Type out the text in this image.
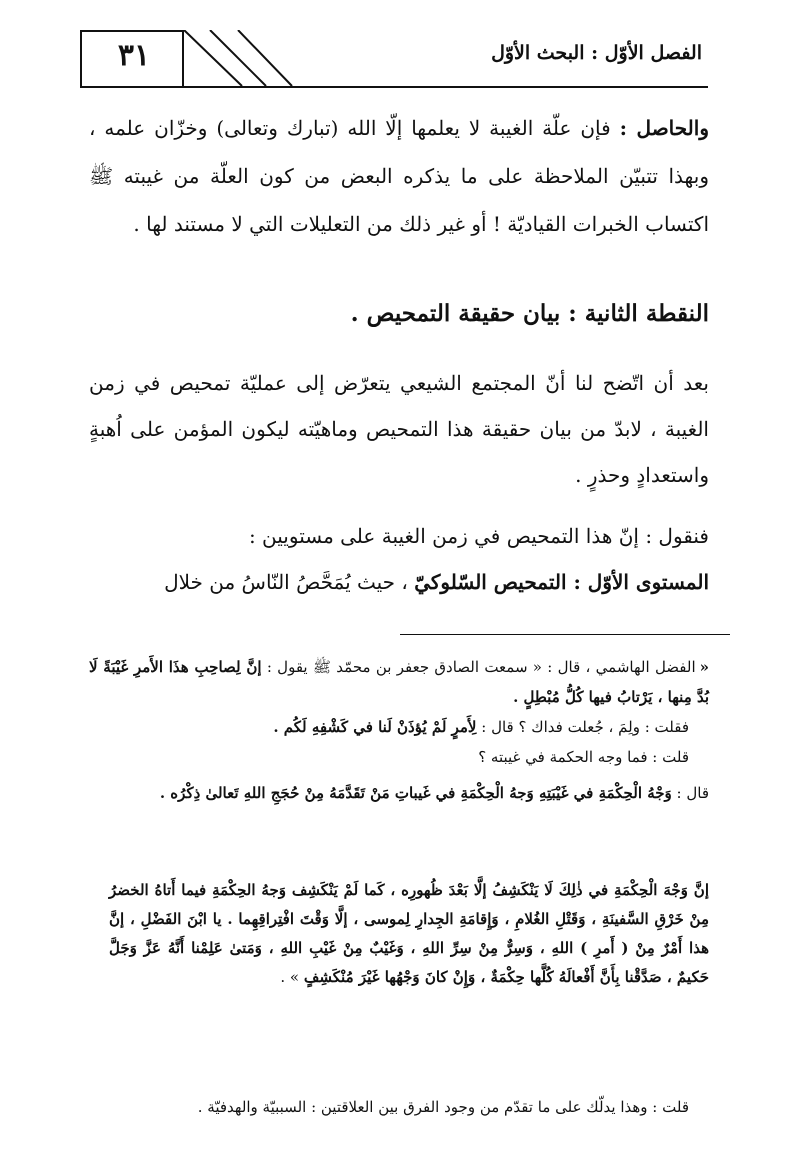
٣١	الفصل الأوّل : البحث الأوّل
والحاصل : فإن علّة الغيبة لا يعلمها إلّا الله (تبارك وتعالى) وخزّان علمه ، وبهذا تتبيّن الملاحظة على ما يذكره البعض من كون العلّة من غيبته ﷺ اكتساب الخبرات القياديّة ! أو غير ذلك من التعليلات التي لا مستند لها .
النقطة الثانية : بيان حقيقة التمحيص .
بعد أن اتّضح لنا أنّ المجتمع الشيعي يتعرّض إلى عمليّة تمحيص في زمن الغيبة ، لابدّ من بيان حقيقة هذا التمحيص وماهيّته ليكون المؤمن على اُهبةٍ واستعدادٍ وحذرٍ .
فنقول : إنّ هذا التمحيص في زمن الغيبة على مستويين :
المستوى الأوّل : التمحيص السّلوكيّ ، حيث يُمَحَّصُ النّاسُ من خلال
«الفضل الهاشمي ، قال : « سمعت الصادق جعفر بن محمّد ﷺ يقول : إنَّ لِصاحِبِ هذَا الأَمرِ غَيْبَةً لَا بُدَّ مِنها ، يَرْتابُ فيها كُلُّ مُبْطِلٍ .
فقلت : ولِمَ ، جُعلت فداك ؟ قال : لِأَمرٍ لَمْ يُؤذَنْ لَنا في كَشْفِهِ لَكُم .
قلت : فما وجه الحكمة في غيبته ؟
قال : وَجْهُ الْحِكْمَةِ في غَيْبَتِهِ وَجهُ الْحِكْمَةِ في غَيباتِ مَنْ تَقَدَّمَهُ مِنْ حُجَجِ اللهِ تَعالىٰ ذِكْرُه .
إنَّ وَجْهَ الْحِكْمَةِ في ذٰلِكَ لَا يَنْكَشِفُ إلَّا بَعْدَ ظُهورِه ، كَما لَمْ يَنْكَشِف وَجهُ الحِكْمَةِ فيما أَتاهُ الخضرُ مِنْ خَرْقِ السَّفينَةِ ، وَقَتْلِ الغُلامِ ، وَإِقامَةِ الجِدارِ لِموسى ، إلَّا وَقْتَ افْتِراقِهِما . يا ابْنَ الفَضْلِ ، إنَّ هذا أَمْرٌ مِنْ ( أَمرِ ) اللهِ ، وَسِرٌّ مِنْ سِرِّ اللهِ ، وَغَيْبٌ مِنْ غَيْبِ اللهِ ، وَمَتىٰ عَلِمْنا أَنَّهُ عَزَّ وَجَلَّ حَكيمٌ ، صَدَّقْنا بِأَنَّ أَفْعالَهُ كُلَّها حِكْمَةٌ ، وَإِنْ كانَ وَجْهُها غَيْرَ مُنْكَشِفٍ » .
قلت : وهذا يدلّك على ما تقدّم من وجود الفرق بين العلاقتين : السببيّة والهدفيّة .
